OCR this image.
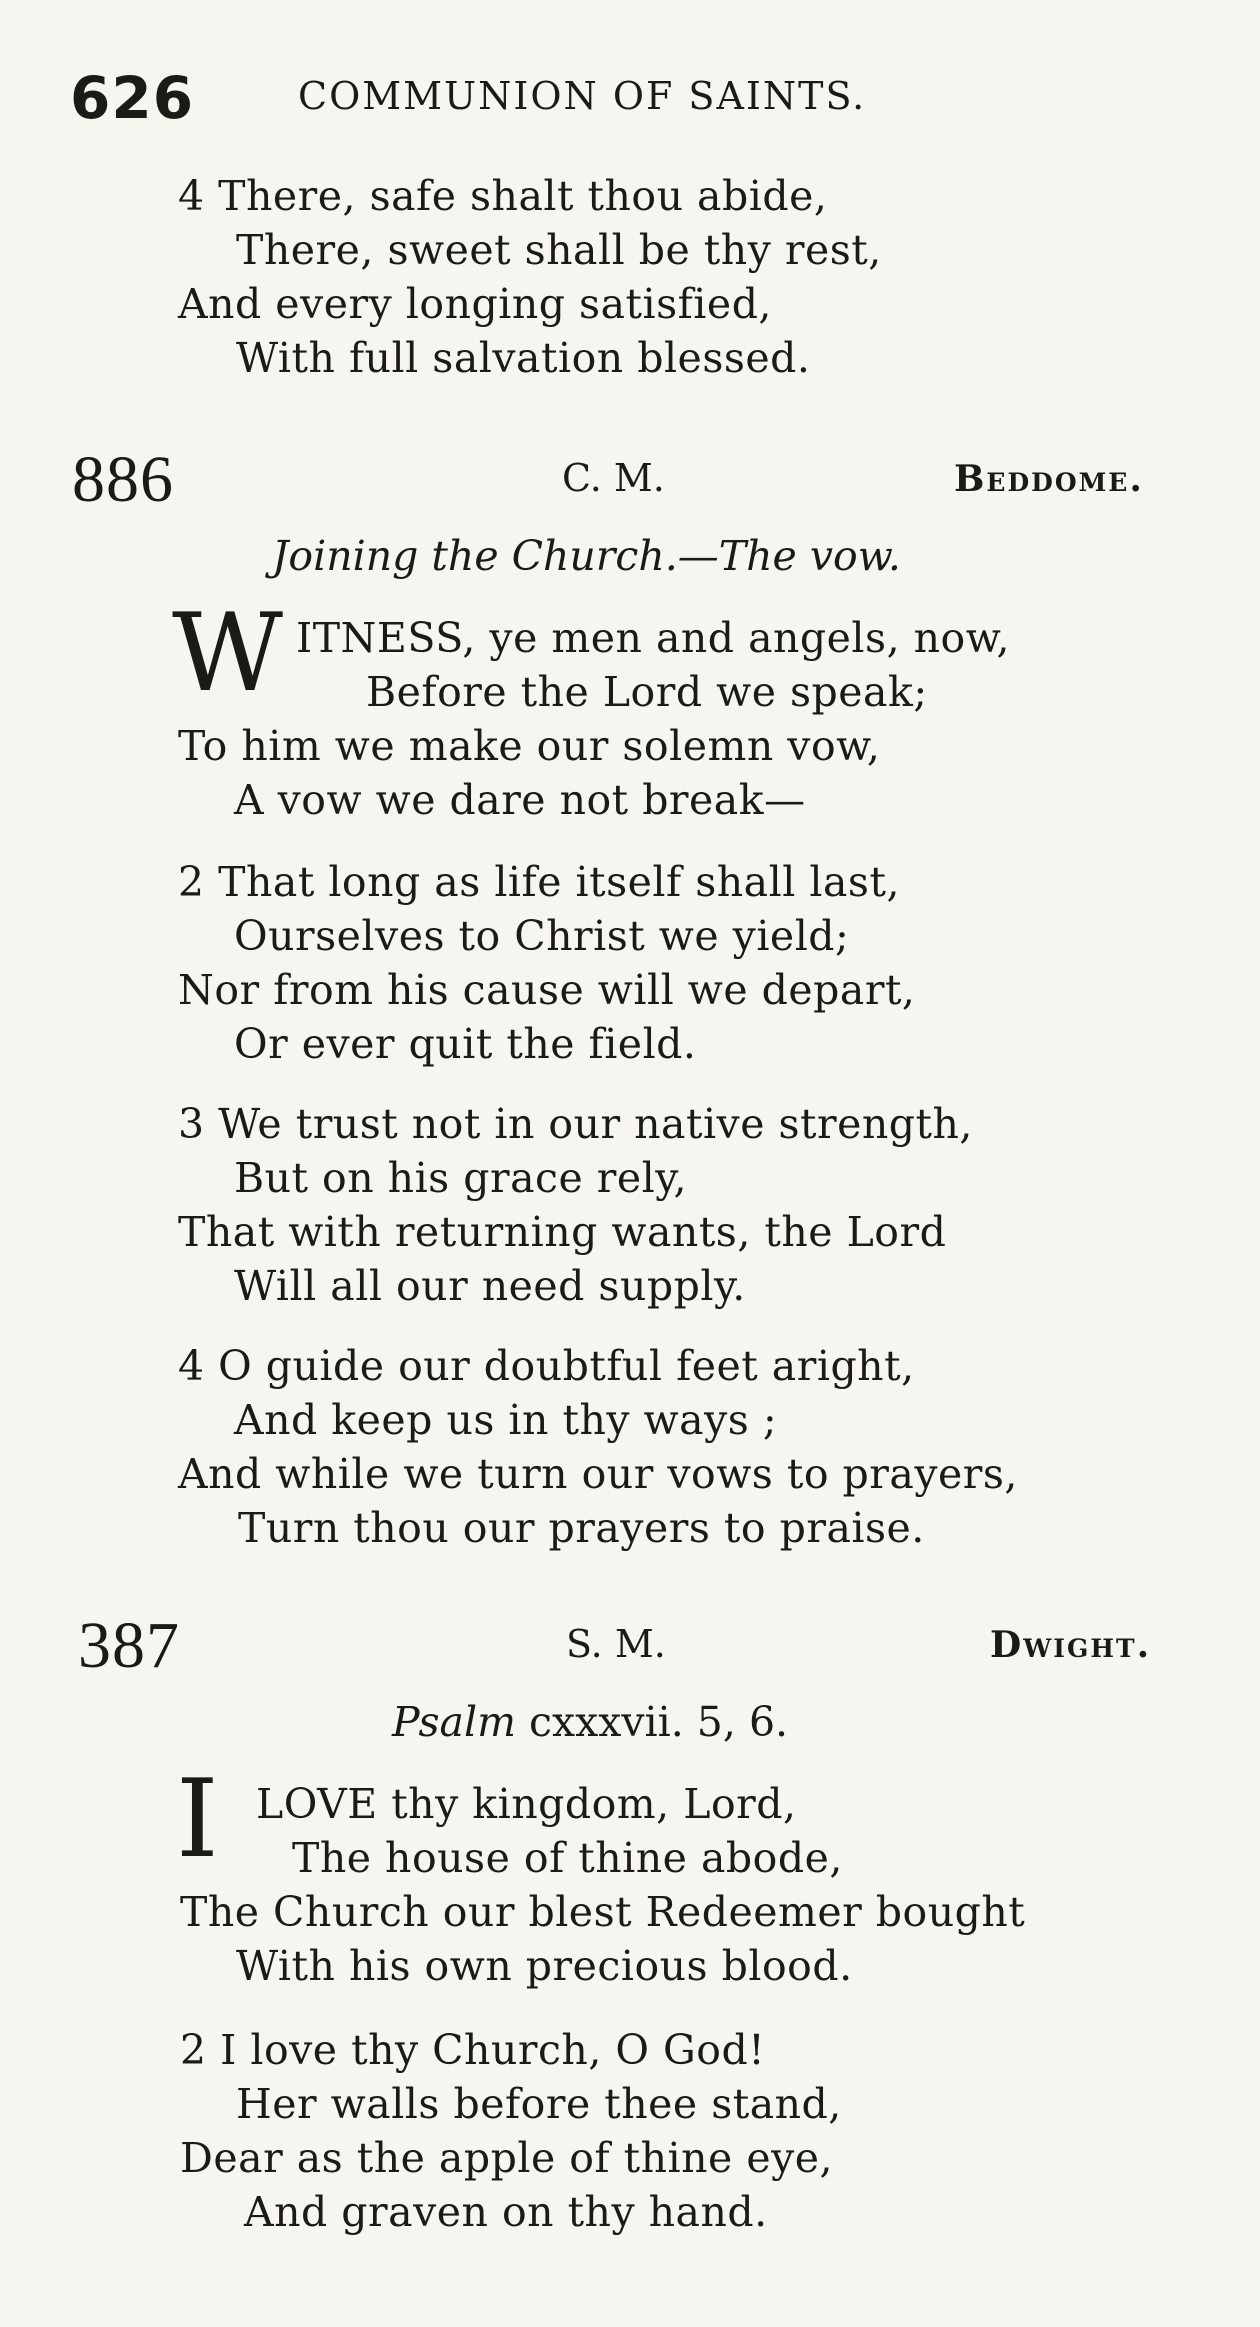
626	COMMUNION OF SAINTS.
4 There, safe shalt thou abide,
There, sweet shall be thy rest,
And every longing satisfied,
With full salvation blessed.
886	C. M.	Beddome.
Joining the Church.—The vow.
W ITNESS, ye men and angels, now,
Before the Lord we speak;
To him we make our solemn vow,
A vow we dare not break—
2 That long as life itself shall last,
Ourselves to Christ we yield;
Nor from his cause will we depart,
Or ever quit the field.
3 We trust not in our native strength,
But on his grace rely,
That with returning wants, the Lord
Will all our need supply.
4 O guide our doubtful feet aright,
And keep us in thy ways ;
And while we turn our vows to prayers,
Turn thou our prayers to praise.
387	S. M.	Dwight.
Psalm cxxxvii. 5, 6.
I LOVE thy kingdom, Lord,
The house of thine abode,
The Church our blest Redeemer bought
With his own precious blood.
2 I love thy Church, O God!
Her walls before thee stand,
Dear as the apple of thine eye,
And graven on thy hand.
